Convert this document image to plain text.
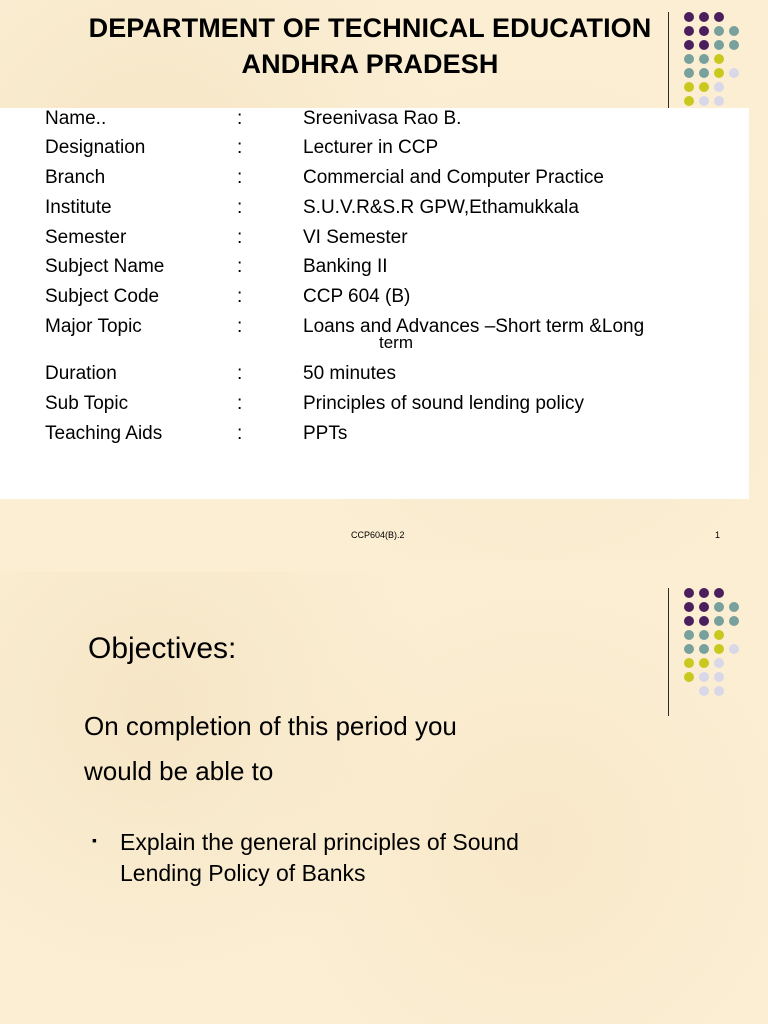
DEPARTMENT OF TECHNICAL EDUCATION
ANDHRA PRADESH
Name..	:	Sreenivasa Rao B.
Designation	:	Lecturer in CCP
Branch	:	Commercial and Computer Practice
Institute	:	S.U.V.R&S.R GPW,Ethamukkala
Semester	:	VI Semester
Subject Name	:	Banking II
Subject Code	:	CCP 604 (B)
Major Topic	:	Loans and Advances –Short term &Long
term
Duration	:	50 minutes
Sub Topic	:	Principles of sound lending policy
Teaching Aids	:	PPTs
CCP604(B).2	1
Objectives:
On completion of this period you
would be able to
▪ Explain the general principles of Sound
Lending Policy of Banks
